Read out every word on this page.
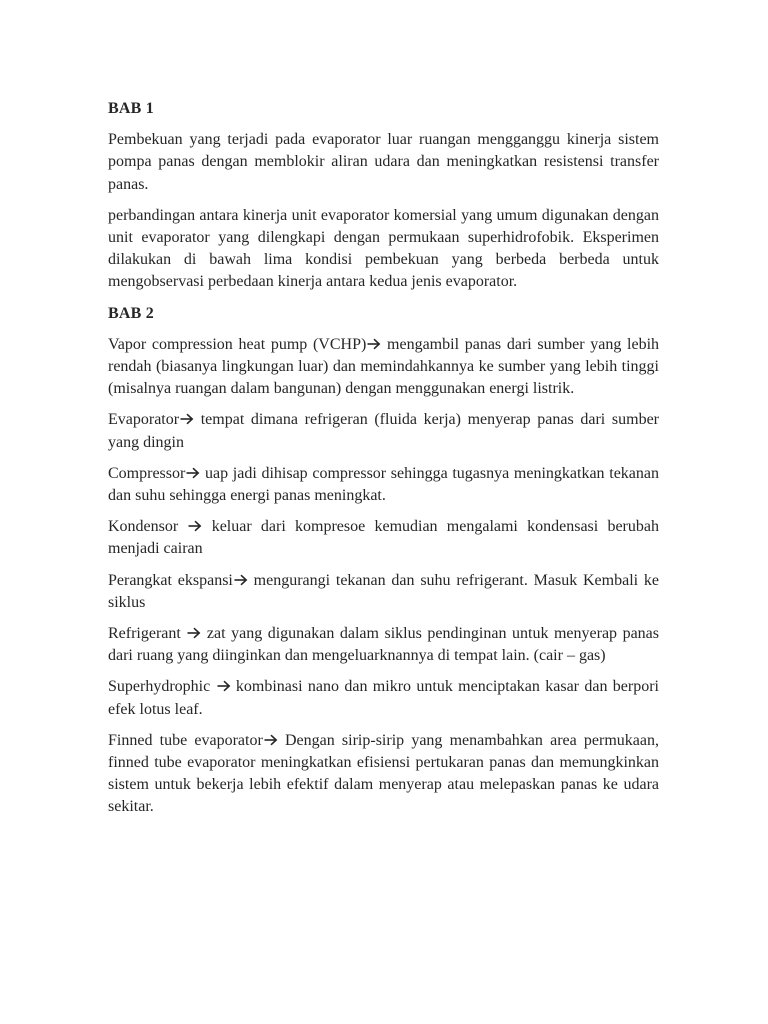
BAB 1

Pembekuan yang terjadi pada evaporator luar ruangan mengganggu kinerja sistem pompa panas dengan memblokir aliran udara dan meningkatkan resistensi transfer panas.

perbandingan antara kinerja unit evaporator komersial yang umum digunakan dengan unit evaporator yang dilengkapi dengan permukaan superhidrofobik. Eksperimen dilakukan di bawah lima kondisi pembekuan yang berbeda berbeda untuk mengobservasi perbedaan kinerja antara kedua jenis evaporator.

BAB 2

Vapor compression heat pump (VCHP)
mengambil panas dari sumber yang lebih rendah (biasanya lingkungan luar) dan memindahkannya ke sumber yang lebih tinggi (misalnya ruangan dalam bangunan) dengan menggunakan energi listrik.

Evaporator
tempat dimana refrigeran (fluida kerja) menyerap panas dari sumber yang dingin

Compressor
uap jadi dihisap compressor sehingga tugasnya meningkatkan tekanan dan suhu sehingga energi panas meningkat.

Kondensor
keluar dari kompresoe kemudian mengalami kondensasi berubah menjadi cairan

Perangkat ekspansi
mengurangi tekanan dan suhu refrigerant. Masuk Kembali ke siklus

Refrigerant
zat yang digunakan dalam siklus pendinginan untuk menyerap panas dari ruang yang diinginkan dan mengeluarknannya di tempat lain. (cair – gas)

Superhydrophic
kombinasi nano dan mikro untuk menciptakan kasar dan berpori efek lotus leaf.

Finned tube evaporator
Dengan sirip-sirip yang menambahkan area permukaan, finned tube evaporator meningkatkan efisiensi pertukaran panas dan memungkinkan sistem untuk bekerja lebih efektif dalam menyerap atau melepaskan panas ke udara sekitar.
